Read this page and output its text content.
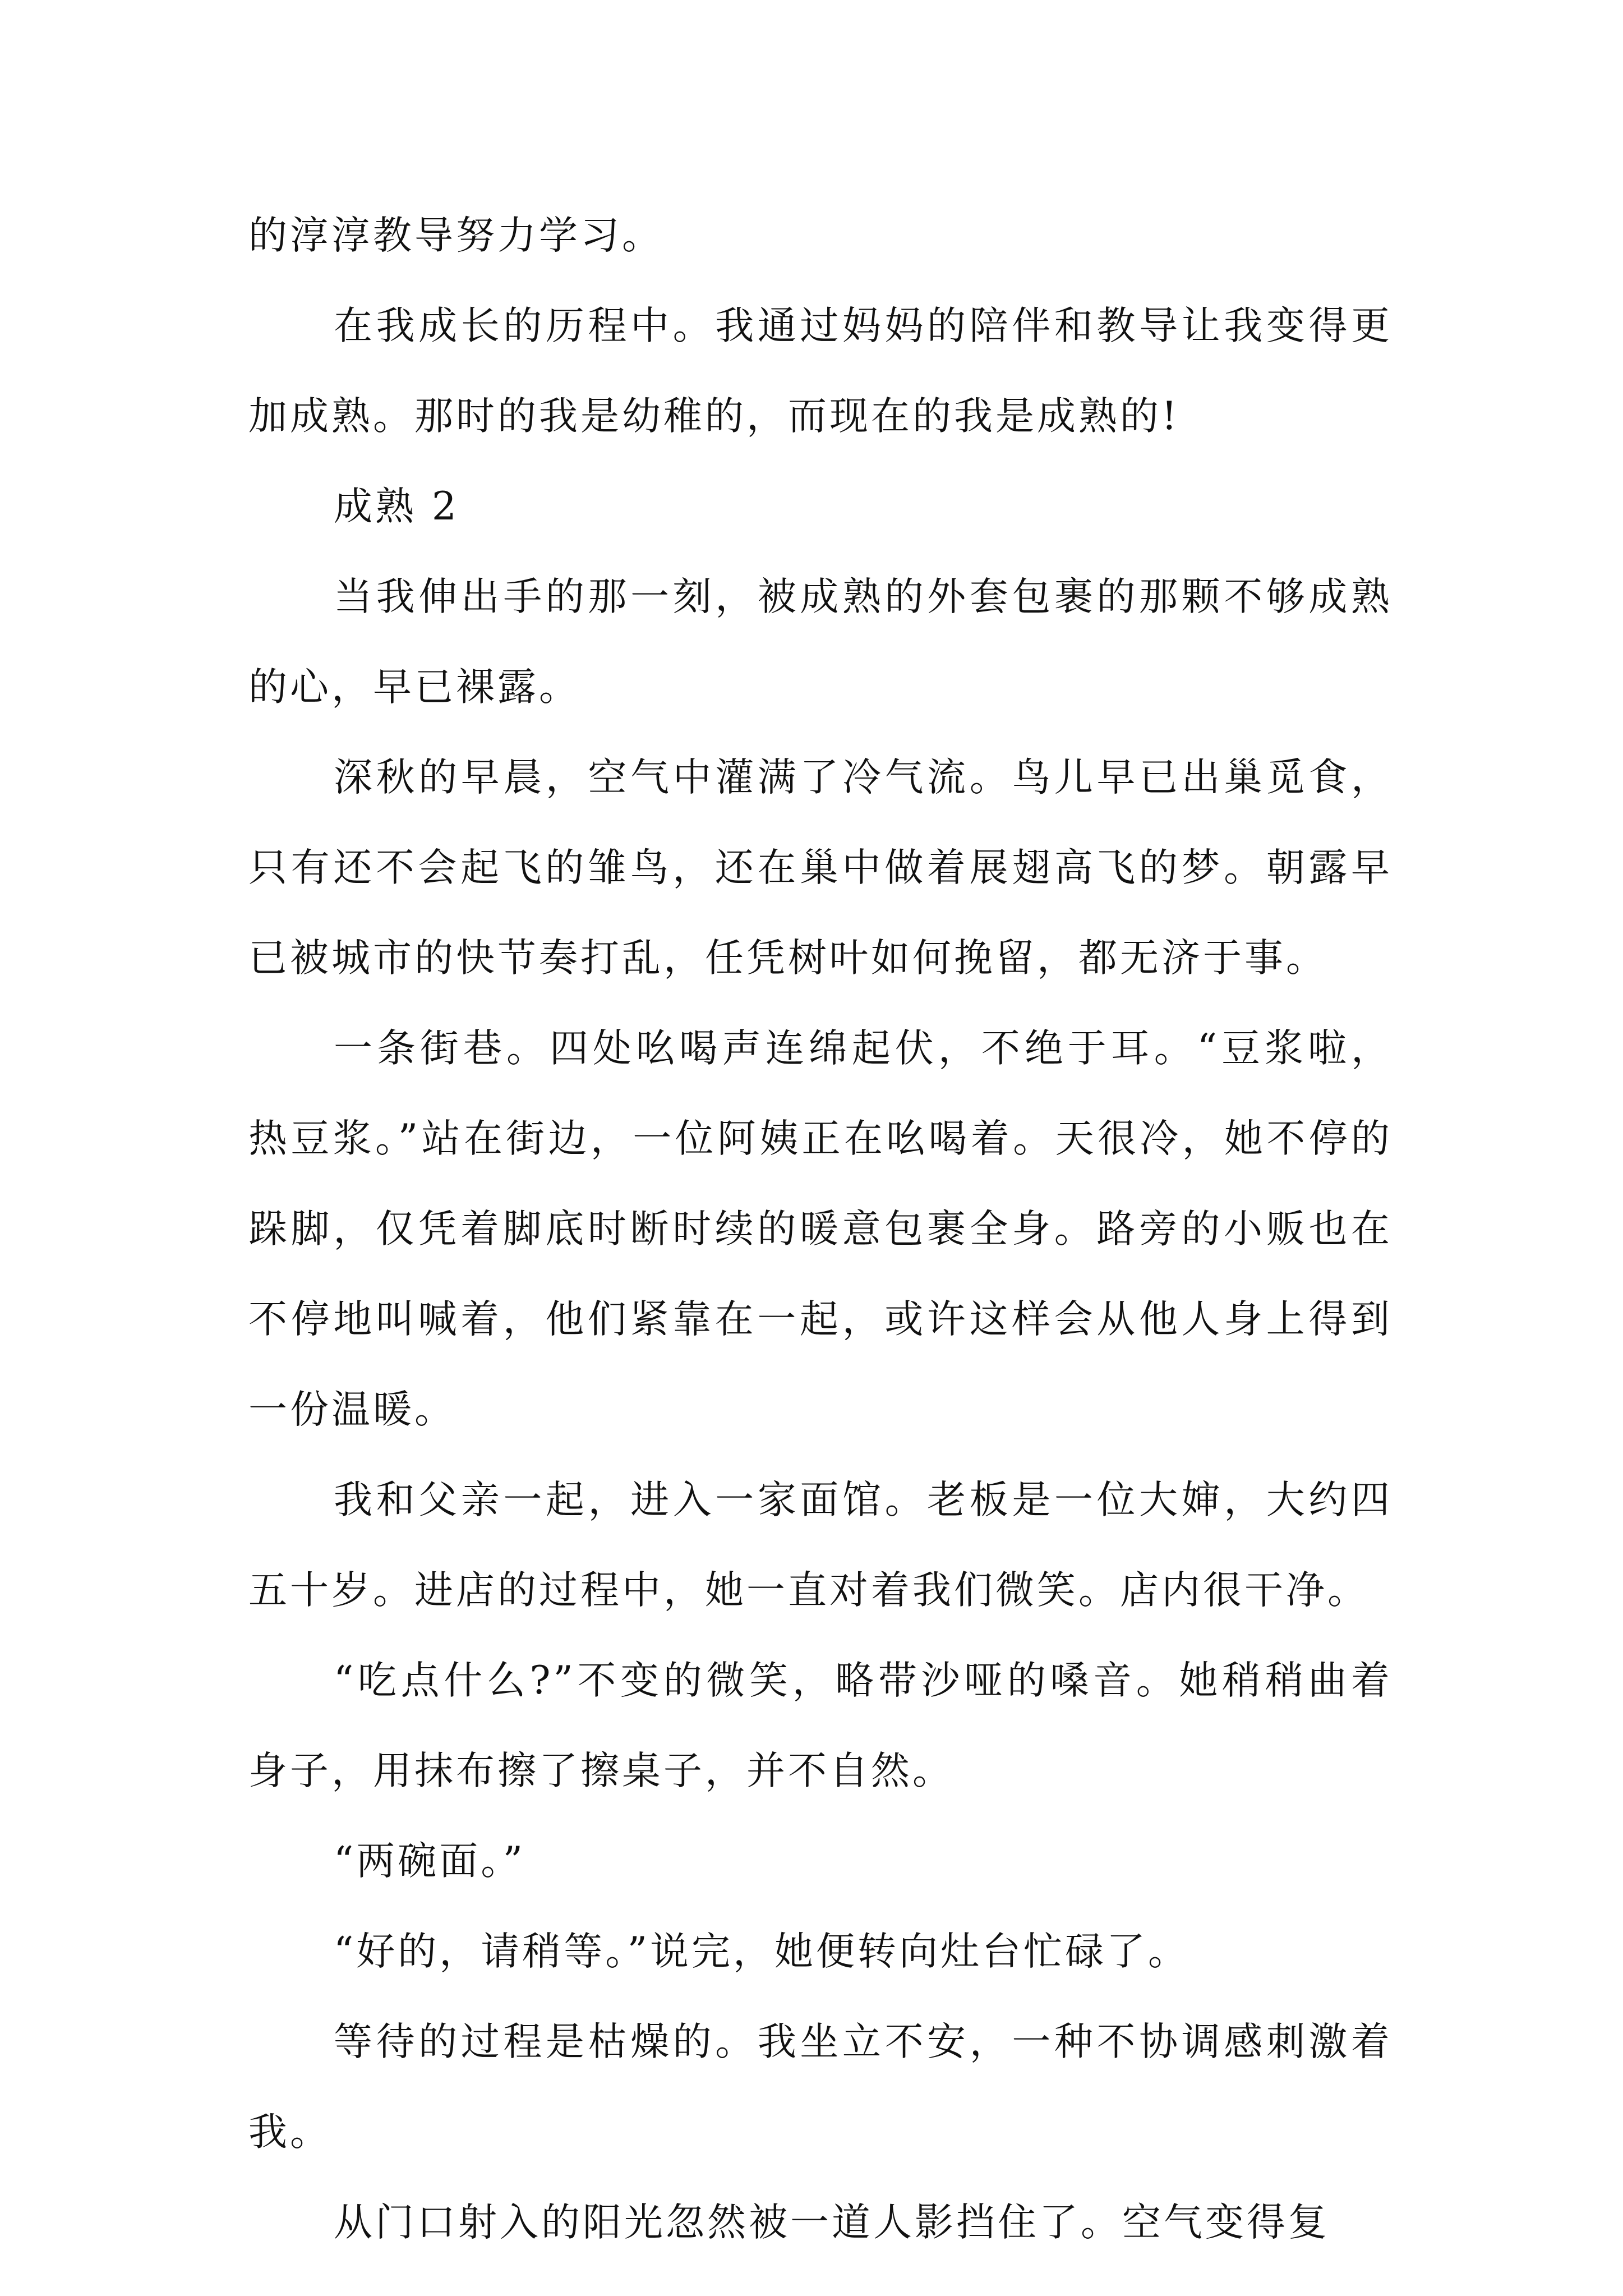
的淳淳教导努力学习。

在我成长的历程中。我通过妈妈的陪伴和教导让我变得更加成熟。那时的我是幼稚的，而现在的我是成熟的!

成熟 2

当我伸出手的那一刻，被成熟的外套包裹的那颗不够成熟的心，早已裸露。

深秋的早晨，空气中灌满了冷气流。鸟儿早已出巢觅食，只有还不会起飞的雏鸟，还在巢中做着展翅高飞的梦。朝露早已被城市的快节奏打乱，任凭树叶如何挽留，都无济于事。

一条街巷。四处吆喝声连绵起伏，不绝于耳。“豆浆啦，热豆浆。”站在街边，一位阿姨正在吆喝着。天很冷，她不停的跺脚，仅凭着脚底时断时续的暖意包裹全身。路旁的小贩也在不停地叫喊着，他们紧靠在一起，或许这样会从他人身上得到一份温暖。

我和父亲一起，进入一家面馆。老板是一位大婶，大约四五十岁。进店的过程中，她一直对着我们微笑。店内很干净。

“吃点什么?”不变的微笑，略带沙哑的嗓音。她稍稍曲着身子，用抹布擦了擦桌子，并不自然。

“两碗面。”

“好的，请稍等。”说完，她便转向灶台忙碌了。

等待的过程是枯燥的。我坐立不安，一种不协调感刺激着我。

从门口射入的阳光忽然被一道人影挡住了。空气变得复
